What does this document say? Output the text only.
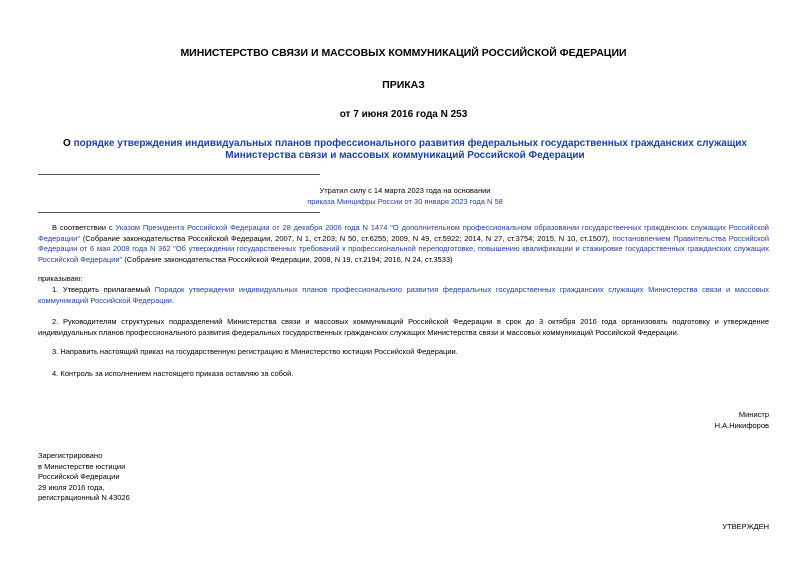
МИНИСТЕРСТВО СВЯЗИ И МАССОВЫХ КОММУНИКАЦИЙ РОССИЙСКОЙ ФЕДЕРАЦИИ
ПРИКАЗ
от 7 июня 2016 года N 253
О порядке утверждения индивидуальных планов профессионального развития федеральных государственных гражданских служащих Министерства связи и массовых коммуникаций Российской Федерации
Утратил силу с 14 марта 2023 года на основании
приказа Минцифры России от 30 января 2023 года N 58
В соответствии с Указом Президента Российской Федерации от 28 декабря 2006 года N 1474 "О дополнительном профессиональном образовании государственных гражданских служащих Российской Федерации" (Собрание законодательства Российской Федерации, 2007, N 1, ст.203; N 50, ст.6255; 2009, N 49, ст.5922; 2014, N 27, ст.3754; 2015, N 10, ст.1507), постановлением Правительства Российской Федерации от 6 мая 2008 года N 362 "Об утверждении государственных требований к профессиональной переподготовке, повышению квалификации и стажировке государственных гражданских служащих Российской Федерации" (Собрание законодательства Российской Федерации, 2008, N 19, ст.2194; 2016, N 24, ст.3533)
приказываю:
1. Утвердить прилагаемый Порядок утверждения индивидуальных планов профессионального развития федеральных государственных гражданских служащих Министерства связи и массовых коммуникаций Российской Федерации.
2. Руководителям структурных подразделений Министерства связи и массовых коммуникаций Российской Федерации в срок до 3 октября 2016 года организовать подготовку и утверждение индивидуальных планов профессионального развития федеральных государственных гражданских служащих Министерства связи и массовых коммуникаций Российской Федерации.
3. Направить настоящий приказ на государственную регистрацию в Министерство юстиции Российской Федерации.
4. Контроль за исполнением настоящего приказа оставляю за собой.
Министр
Н.А.Никифоров
Зарегистрировано
в Министерстве юстиции
Российской Федерации
29 июля 2016 года,
регистрационный N 43026
УТВЕРЖДЕН
